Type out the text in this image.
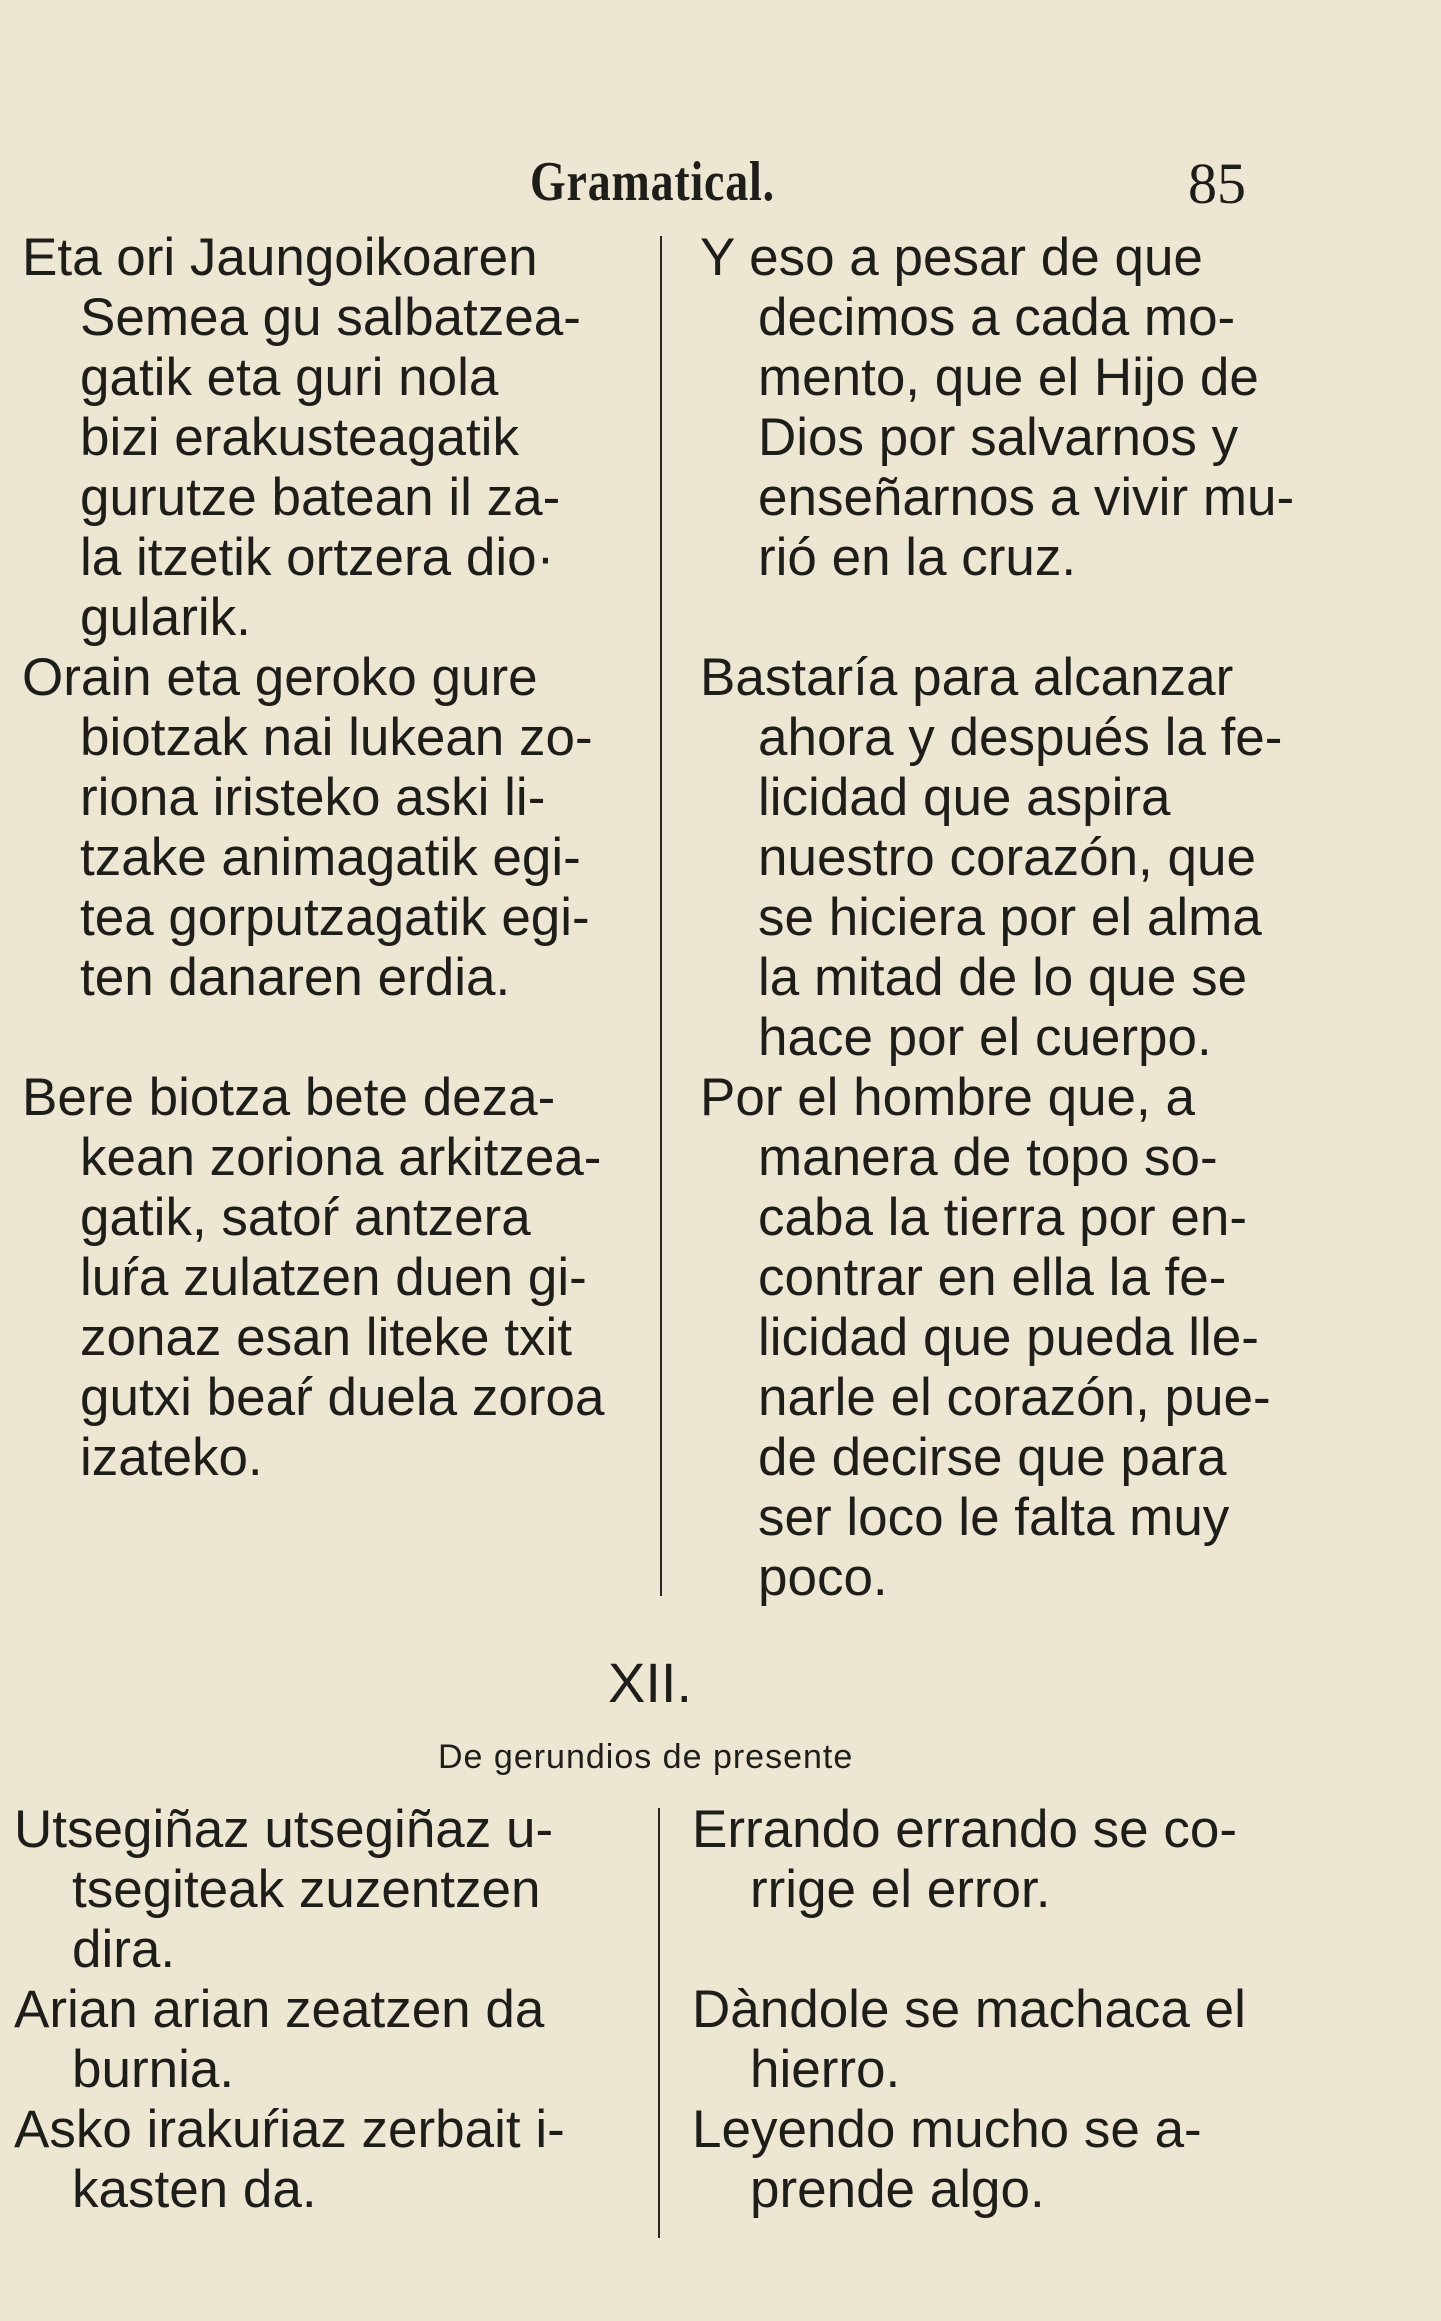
Gramatical.	85
Eta ori Jaungoikoaren
Semea gu salbatzea-
gatik eta guri nola
bizi erakusteagatik
gurutze batean il za-
la itzetik ortzera dio·
gularik.
Orain eta geroko gure
biotzak nai lukean zo-
riona iristeko aski li-
tzake animagatik egi-
tea gorputzagatik egi-
ten danaren erdia.
Bere biotza bete deza-
kean zoriona arkitzea-
gatik, satoŕ antzera
luŕa zulatzen duen gi-
zonaz esan liteke txit
gutxi beaŕ duela zoroa
izateko.
Y eso a pesar de que
decimos a cada mo-
mento, que el Hijo de
Dios por salvarnos y
enseñarnos a vivir mu-
rió en la cruz.
Bastaría para alcanzar
ahora y después la fe-
licidad que aspira
nuestro corazón, que
se hiciera por el alma
la mitad de lo que se
hace por el cuerpo.
Por el hombre que, a
manera de topo so-
caba la tierra por en-
contrar en ella la fe-
licidad que pueda lle-
narle el corazón, pue-
de decirse que para
ser loco le falta muy
poco.
XII.
De gerundios de presente
Utsegiñaz utsegiñaz u-
tsegiteak zuzentzen
dira.
Arian arian zeatzen da
burnia.
Asko irakuŕiaz zerbait i-
kasten da.
Errando errando se co-
rrige el error.
Dàndole se machaca el
hierro.
Leyendo mucho se a-
prende algo.
